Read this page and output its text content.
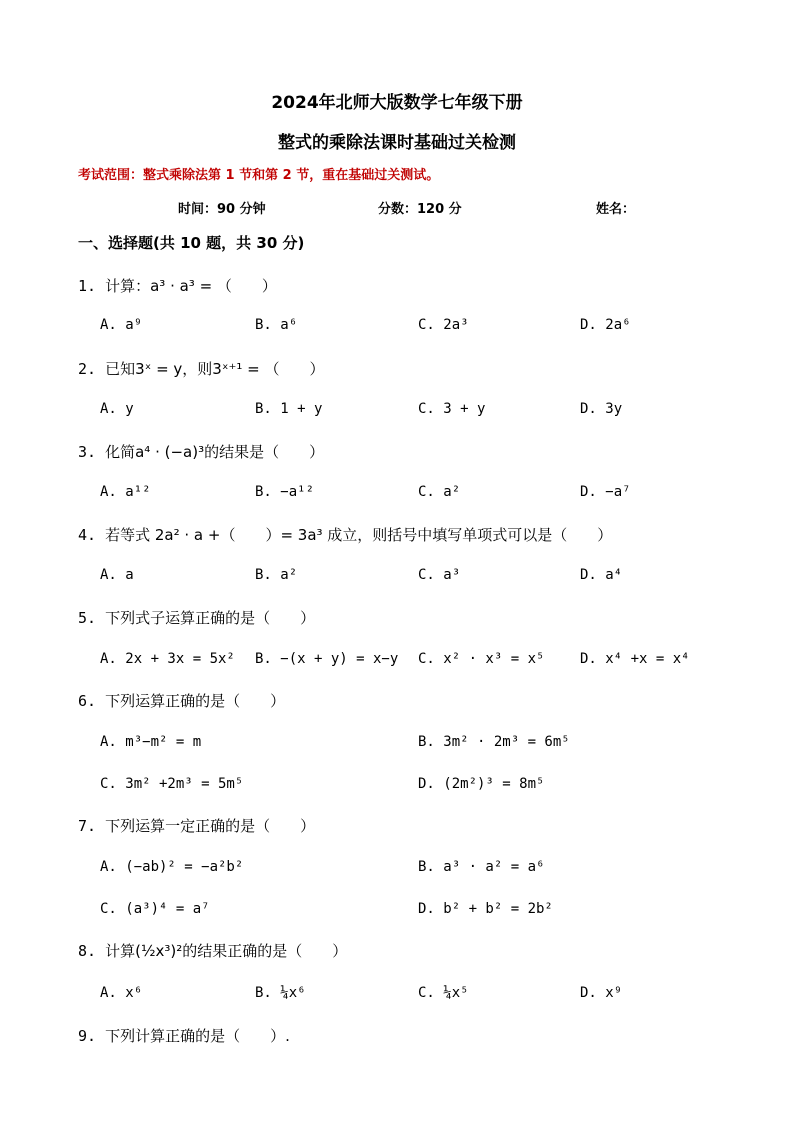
2024年北师大版数学七年级下册
整式的乘除法课时基础过关检测
考试范围：整式乘除法第 1 节和第 2 节，重在基础过关测试。
时间：90 分钟	分数：120 分	姓名：
一、选择题(共 10 题，共 30 分)
1. 计算：a³ · a³ = （　　）
A. a⁹	B. a⁶	C. 2a³	D. 2a⁶
2. 已知3ˣ = y，则3ˣ⁺¹ = （　　）
A. y	B. 1 + y	C. 3 + y	D. 3y
3. 化简a⁴ · (−a)³的结果是（　　）
A. a¹²	B. −a¹²	C. a²	D. −a⁷
4. 若等式 2a² · a +（　　）= 3a³ 成立，则括号中填写单项式可以是（　　）
A. a	B. a²	C. a³	D. a⁴
5. 下列式子运算正确的是（　　）
A. 2x + 3x = 5x² B. −(x + y) = x−y C. x² · x³ = x⁵	D. x⁴ +x = x⁴
6. 下列运算正确的是（　　）
A. m³−m² = m	B. 3m² · 2m³ = 6m⁵
C. 3m² +2m³ = 5m⁵	D. (2m²)³ = 8m⁵
7. 下列运算一定正确的是（　　）
A. (−ab)² = −a²b²	B. a³ · a² = a⁶
C. (a³)⁴ = a⁷	D. b² + b² = 2b²
8. 计算(½x³)²的结果正确的是（　　）
A. x⁶	B. ¼x⁶	C. ¼x⁵	D. x⁹
9. 下列计算正确的是（　　）.
